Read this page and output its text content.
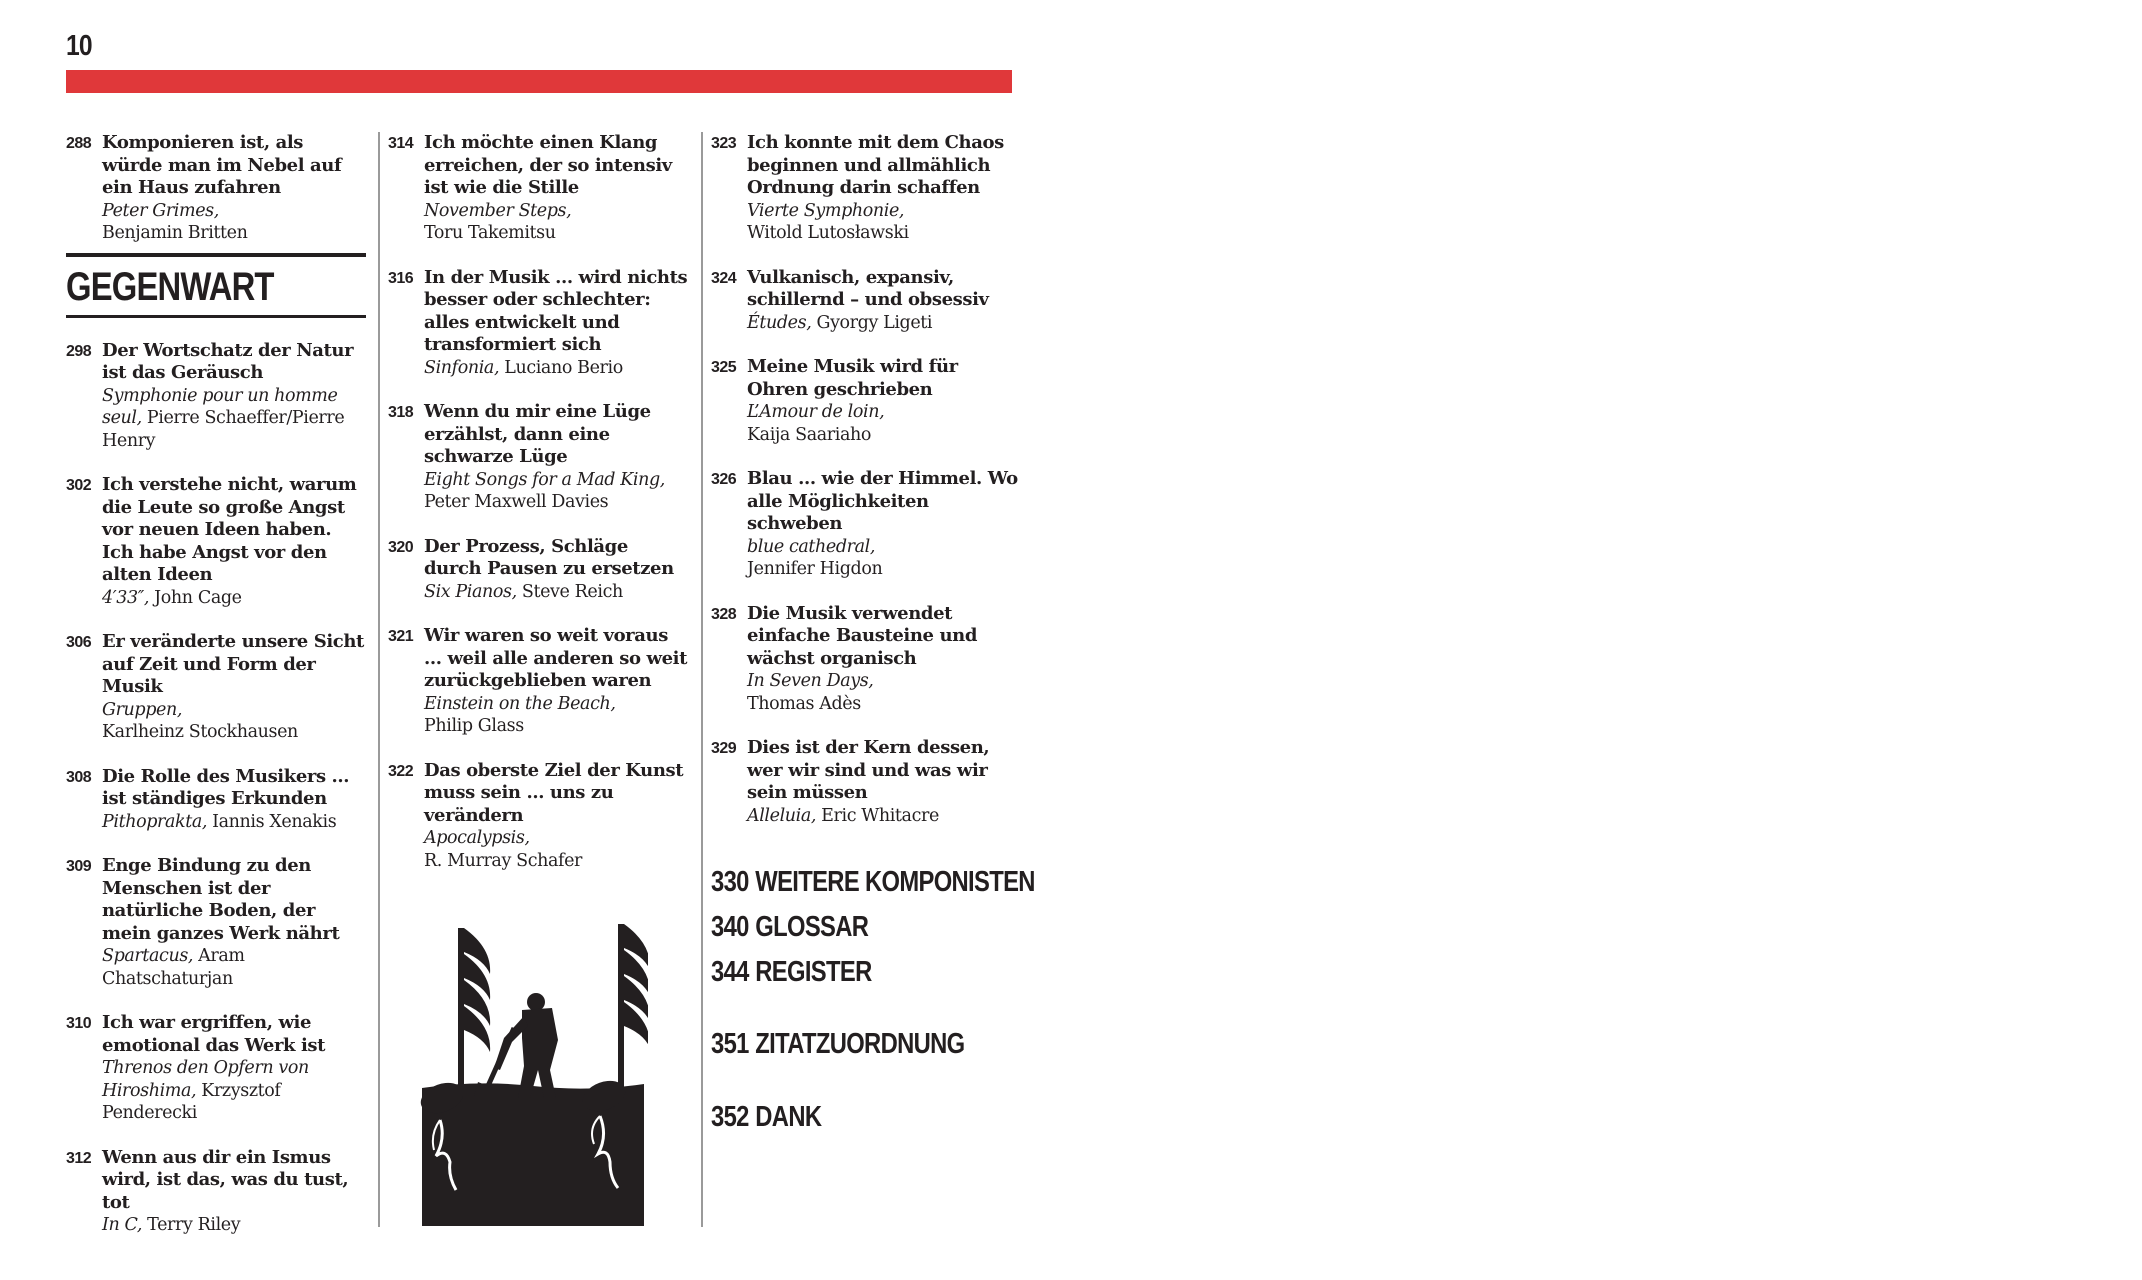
10
288 Komponieren ist, als würde man im Nebel auf ein Haus zufahren
Peter Grimes,
Benjamin Britten
GEGENWART
298 Der Wortschatz der Natur ist das Geräusch
Symphonie pour un homme seul, Pierre Schaeffer/Pierre Henry
302 Ich verstehe nicht, warum die Leute so große Angst vor neuen Ideen haben. Ich habe Angst vor den alten Ideen
4′33″, John Cage
306 Er veränderte unsere Sicht auf Zeit und Form der Musik
Gruppen,
Karlheinz Stockhausen
308 Die Rolle des Musikers … ist ständiges Erkunden
Pithoprakta, Iannis Xenakis
309 Enge Bindung zu den Menschen ist der natürliche Boden, der mein ganzes Werk nährt
Spartacus, Aram Chatschaturjan
310 Ich war ergriffen, wie emotional das Werk ist
Threnos den Opfern von Hiroshima, Krzysztof Penderecki
312 Wenn aus dir ein Ismus wird, ist das, was du tust, tot
In C, Terry Riley
314 Ich möchte einen Klang erreichen, der so intensiv ist wie die Stille
November Steps,
Toru Takemitsu
316 In der Musik … wird nichts besser oder schlechter: alles entwickelt und transformiert sich
Sinfonia, Luciano Berio
318 Wenn du mir eine Lüge erzählst, dann eine schwarze Lüge
Eight Songs for a Mad King,
Peter Maxwell Davies
320 Der Prozess, Schläge durch Pausen zu ersetzen
Six Pianos, Steve Reich
321 Wir waren so weit voraus … weil alle anderen so weit zurückgeblieben waren
Einstein on the Beach,
Philip Glass
322 Das oberste Ziel der Kunst muss sein … uns zu verändern
Apocalypsis,
R. Murray Schafer
323 Ich konnte mit dem Chaos beginnen und allmählich Ordnung darin schaffen
Vierte Symphonie,
Witold Lutosławski
324 Vulkanisch, expansiv, schillernd – und obsessiv
Études, Gyorgy Ligeti
325 Meine Musik wird für Ohren geschrieben
L’Amour de loin,
Kaija Saariaho
326 Blau … wie der Himmel. Wo alle Möglichkeiten schweben
blue cathedral,
Jennifer Higdon
328 Die Musik verwendet einfache Bausteine und wächst organisch
In Seven Days,
Thomas Adès
329 Dies ist der Kern dessen, wer wir sind und was wir sein müssen
Alleluia, Eric Whitacre
330 WEITERE KOMPONISTEN
340 GLOSSAR
344 REGISTER
351 ZITATZUORDNUNG
352 DANK
